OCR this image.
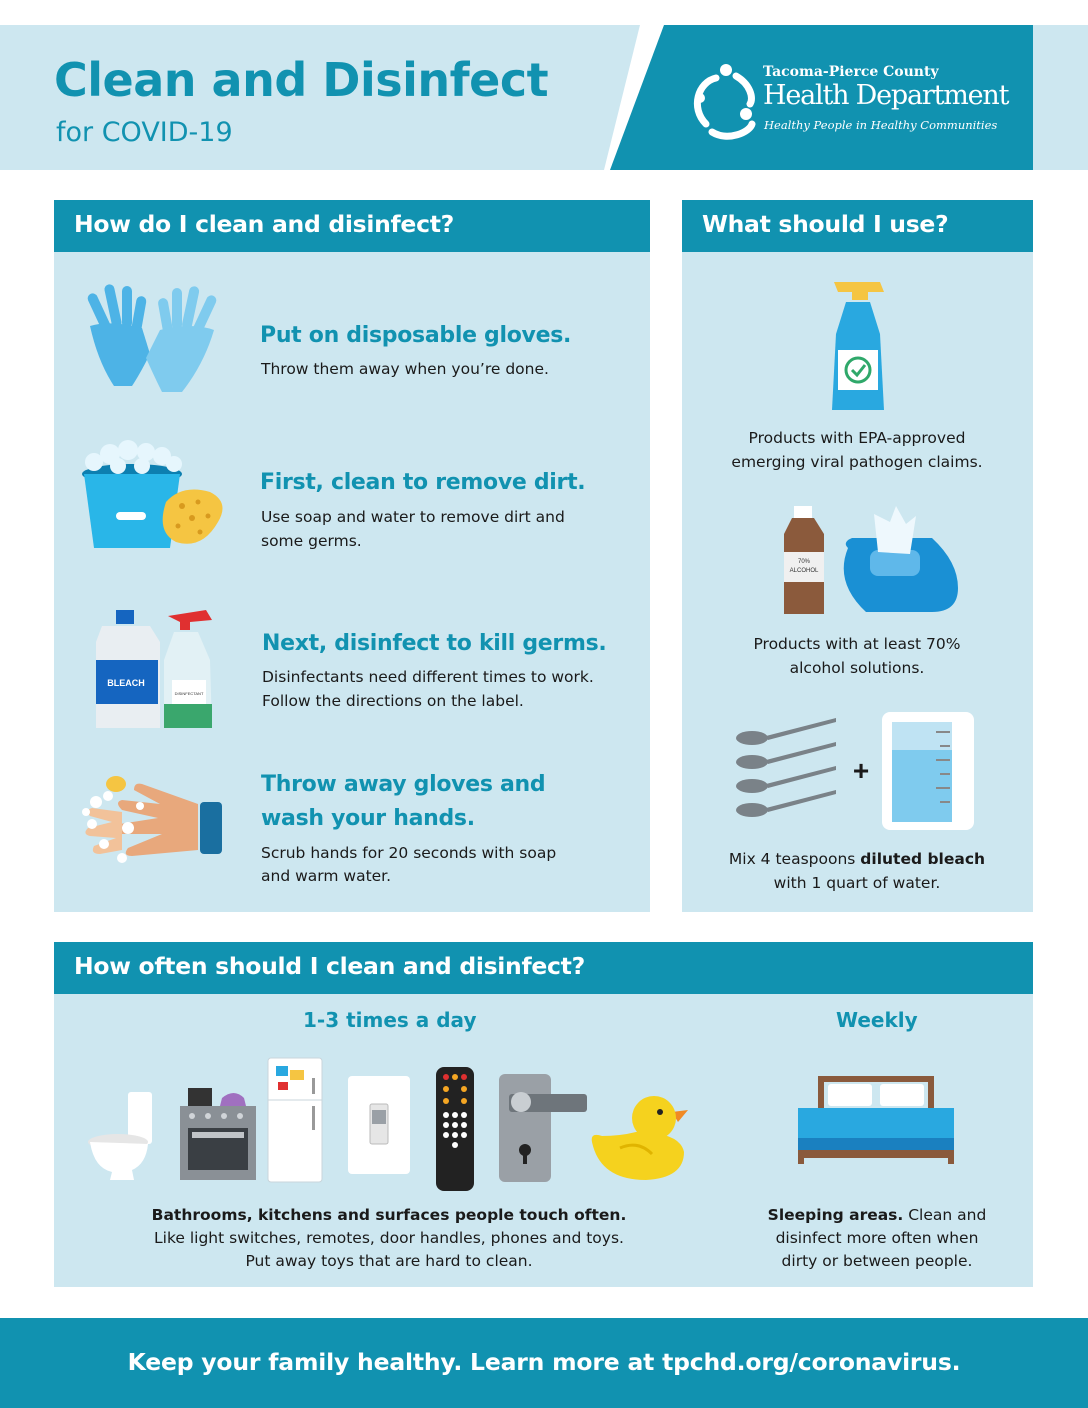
Clean and Disinfect
for COVID-19
Tacoma-Pierce County
Health Department
Healthy People in Healthy Communities
How do I clean and disinfect?
Put on disposable gloves.
Throw them away when you’re done.
First, clean to remove dirt.
Use soap and water to remove dirt and
some germs.
BLEACH
DISINFECTANT
Next, disinfect to kill germs.
Disinfectants need different times to work.
Follow the directions on the label.
Throw away gloves and
wash your hands.
Scrub hands for 20 seconds with soap
and warm water.
What should I use?
Products with EPA-approved
emerging viral pathogen claims.
70%
ALCOHOL
Products with at least 70%
alcohol solutions.
+
Mix 4 teaspoons diluted bleach
with 1 quart of water.
How often should I clean and disinfect?
1-3 times a day	Weekly
Bathrooms, kitchens and surfaces people touch often.
Like light switches, remotes, door handles, phones and toys.
Put away toys that are hard to clean.
Sleeping areas. Clean and
disinfect more often when
dirty or between people.
Keep your family healthy. Learn more at tpchd.org/coronavirus.
